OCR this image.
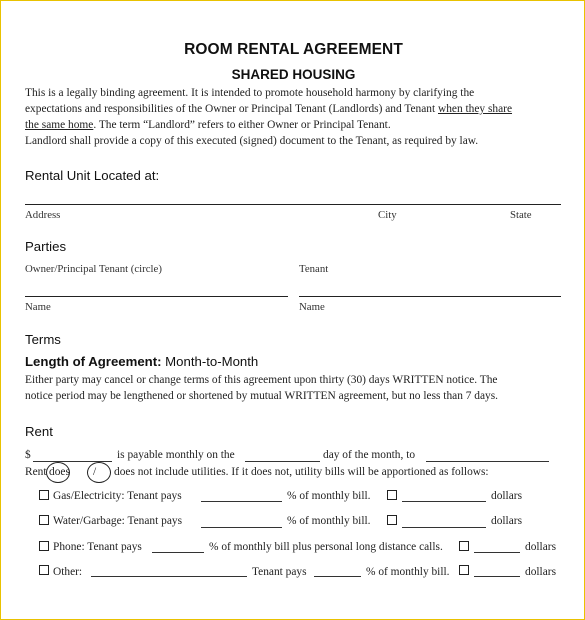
ROOM RENTAL AGREEMENT
SHARED HOUSING
This is a legally binding agreement. It is intended to promote household harmony by clarifying the
expectations and responsibilities of the Owner or Principal Tenant (Landlords) and Tenant when they share
the same home. The term “Landlord” refers to either Owner or Principal Tenant.
Landlord shall provide a copy of this executed (signed) document to the Tenant, as required by law.
Rental Unit Located at:
Address	City	State
Parties
Owner/Principal Tenant (circle)	Tenant
Name	Name
Terms
Length of Agreement: Month-to-Month
Either party may cancel or change terms of this agreement upon thirty (30) days WRITTEN notice. The
notice period may be lengthened or shortened by mutual WRITTEN agreement, but no less than 7 days.
Rent
$	is payable monthly on the	day of the month, to
Rent does / does not include utilities. If it does not, utility bills will be apportioned as follows:
Gas/Electricity: Tenant pays	% of monthly bill.	dollars
Water/Garbage: Tenant pays	% of monthly bill.	dollars
Phone: Tenant pays	% of monthly bill plus personal long distance calls.	dollars
Other:	Tenant pays	% of monthly bill.	dollars
